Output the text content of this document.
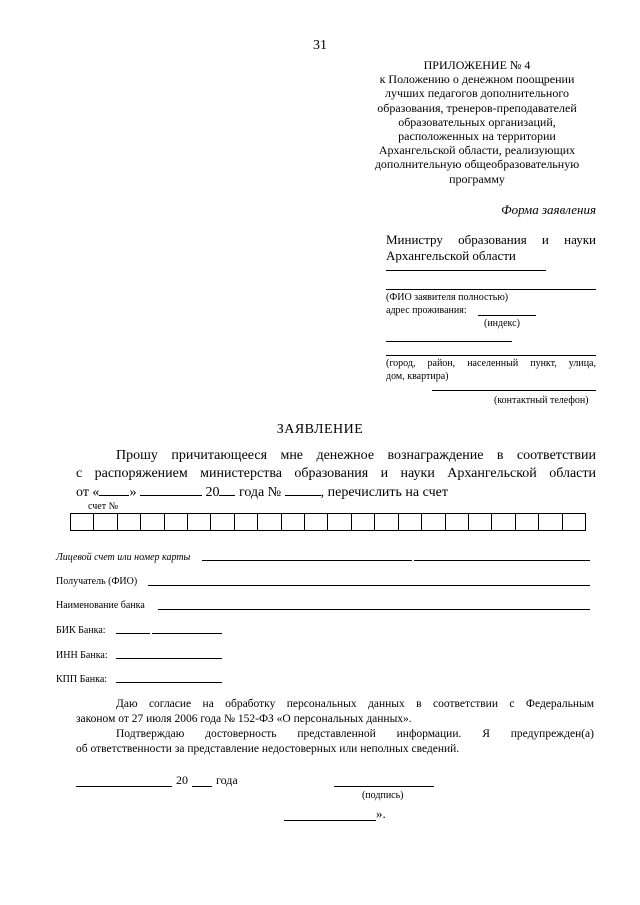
31
ПРИЛОЖЕНИЕ № 4
к Положению о денежном поощрении
лучших педагогов дополнительного
образования, тренеров-преподавателей
образовательных организаций,
расположенных на территории
Архангельской области, реализующих
дополнительную общеобразовательную
программу
Форма заявления
Министру образования и науки
Архангельской области
(ФИО заявителя полностью)
адрес проживания:
(индекс)
(город, район, населенный пункт, улица,
дом, квартира)
(контактный телефон)
ЗАЯВЛЕНИЕ
Прошу причитающееся мне денежное вознаграждение в соответствии
с распоряжением министерства образования и науки Архангельской области
от « »	20 года №	, перечислить на счет
счет №
Лицевой счет или номер карты
Получатель (ФИО)
Наименование банка
БИК Банка:
ИНН Банка:
КПП Банка:
Даю согласие на обработку персональных данных в соответствии с Федеральным
законом от 27 июля 2006 года № 152-ФЗ «О персональных данных».
Подтверждаю достоверность представленной информации. Я предупрежден(а)
об ответственности за представление недостоверных или неполных сведений.
20 года
(подпись)
».
